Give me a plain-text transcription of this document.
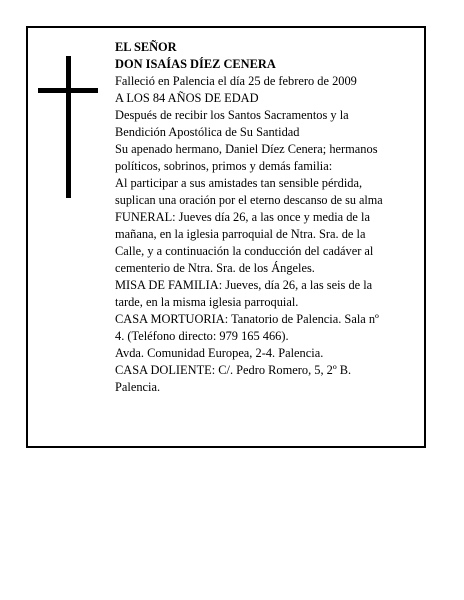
EL SEÑOR
DON ISAÍAS DÍEZ CENERA
Falleció en Palencia el día 25 de febrero de 2009
A LOS 84 AÑOS DE EDAD
Después de recibir los Santos Sacramentos y la
Bendición Apostólica de Su Santidad
Su apenado hermano, Daniel Díez Cenera; hermanos
políticos, sobrinos, primos y demás familia:
Al participar a sus amistades tan sensible pérdida,
suplican una oración por el eterno descanso de su alma
FUNERAL: Jueves día 26, a las once y media de la
mañana, en la iglesia parroquial de Ntra. Sra. de la
Calle, y a continuación la conducción del cadáver al
cementerio de Ntra. Sra. de los Ángeles.
MISA DE FAMILIA: Jueves, día 26, a las seis de la
tarde, en la misma iglesia parroquial.
CASA MORTUORIA: Tanatorio de Palencia. Sala nº
4. (Teléfono directo: 979 165 466).
Avda. Comunidad Europea, 2-4. Palencia.
CASA DOLIENTE: C/. Pedro Romero, 5, 2º B.
Palencia.
